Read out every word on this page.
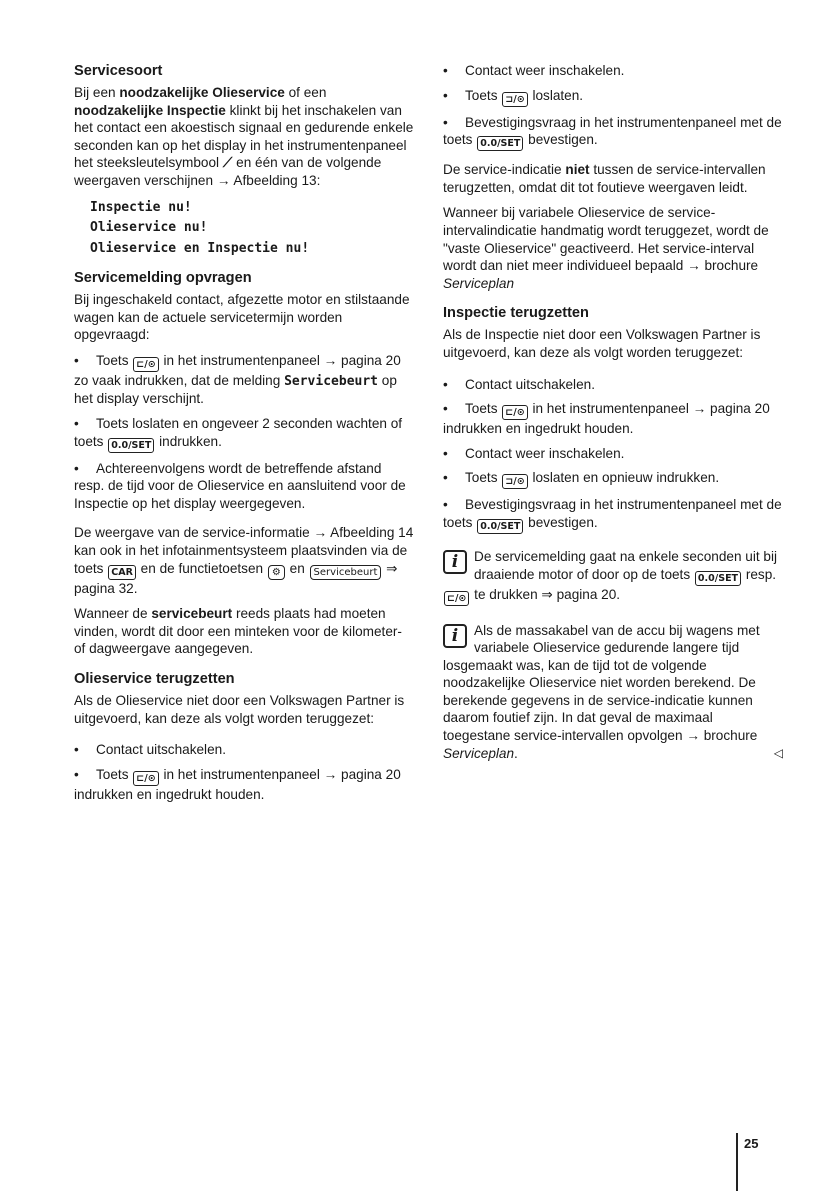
Servicesoort

Bij een noodzakelijke Olieservice of een noodzakelijke Inspectie klinkt bij het inschakelen van het contact een akoestisch signaal en gedurende enkele seconden kan op het display in het instrumentenpaneel het steeksleutelsymbool ⟋ en één van de volgende weergaven verschijnen → Afbeelding 13:

Inspectie nu!
Olieservice nu!
Olieservice en Inspectie nu!
Servicemelding opvragen

Bij ingeschakeld contact, afgezette motor en stilstaande wagen kan de actuele servicetermijn worden opgevraagd:

• Toets ⊏/⊙ in het instrumentenpaneel → pagina 20 zo vaak indrukken, dat de melding Servicebeurt op het display verschijnt.
• Toets loslaten en ongeveer 2 seconden wachten of toets 0.0/SET indrukken.
• Achtereenvolgens wordt de betreffende afstand resp. de tijd voor de Olieservice en aansluitend voor de Inspectie op het display weergegeven.

De weergave van de service-informatie → Afbeelding 14 kan ook in het infotainmentsysteem plaatsvinden via de toets CAR en de functietoetsen ⚙ en Servicebeurt ⇒ pagina 32.

Wanneer de servicebeurt reeds plaats had moeten vinden, wordt dit door een minteken voor de kilometer- of dagweergave aangegeven.

Olieservice terugzetten

Als de Olieservice niet door een Volkswagen Partner is uitgevoerd, kan deze als volgt worden teruggezet:

• Contact uitschakelen.
• Toets ⊏/⊙ in het instrumentenpaneel → pagina 20 indrukken en ingedrukt houden.
• Contact weer inschakelen.
• Toets ⊐/⊙ loslaten.
• Bevestigingsvraag in het instrumentenpaneel met de toets 0.0/SET bevestigen.

De service-indicatie niet tussen de service-intervallen terugzetten, omdat dit tot foutieve weergaven leidt.

Wanneer bij variabele Olieservice de service-intervalindicatie handmatig wordt teruggezet, wordt de "vaste Olieservice" geactiveerd. Het service-interval wordt dan niet meer individueel bepaald → brochure Serviceplan

Inspectie terugzetten

Als de Inspectie niet door een Volkswagen Partner is uitgevoerd, kan deze als volgt worden teruggezet:

• Contact uitschakelen.
• Toets ⊏/⊙ in het instrumentenpaneel → pagina 20 indrukken en ingedrukt houden.
• Contact weer inschakelen.
• Toets ⊐/⊙ loslaten en opnieuw indrukken.
• Bevestigingsvraag in het instrumentenpaneel met de toets 0.0/SET bevestigen.
i	De servicemelding gaat na enkele seconden uit bij draaiende motor of door op de toets 0.0/SET resp. ⊏/⊙ te drukken ⇒ pagina 20.
i	Als de massakabel van de accu bij wagens met variabele Olieservice gedurende langere tijd losgemaakt was, kan de tijd tot de volgende noodzakelijke Olieservice niet worden berekend. De berekende gegevens in de service-indicatie kunnen daarom foutief zijn. In dat geval de maximaal toegestane service-intervallen opvolgen → brochure Serviceplan.	◁
25
